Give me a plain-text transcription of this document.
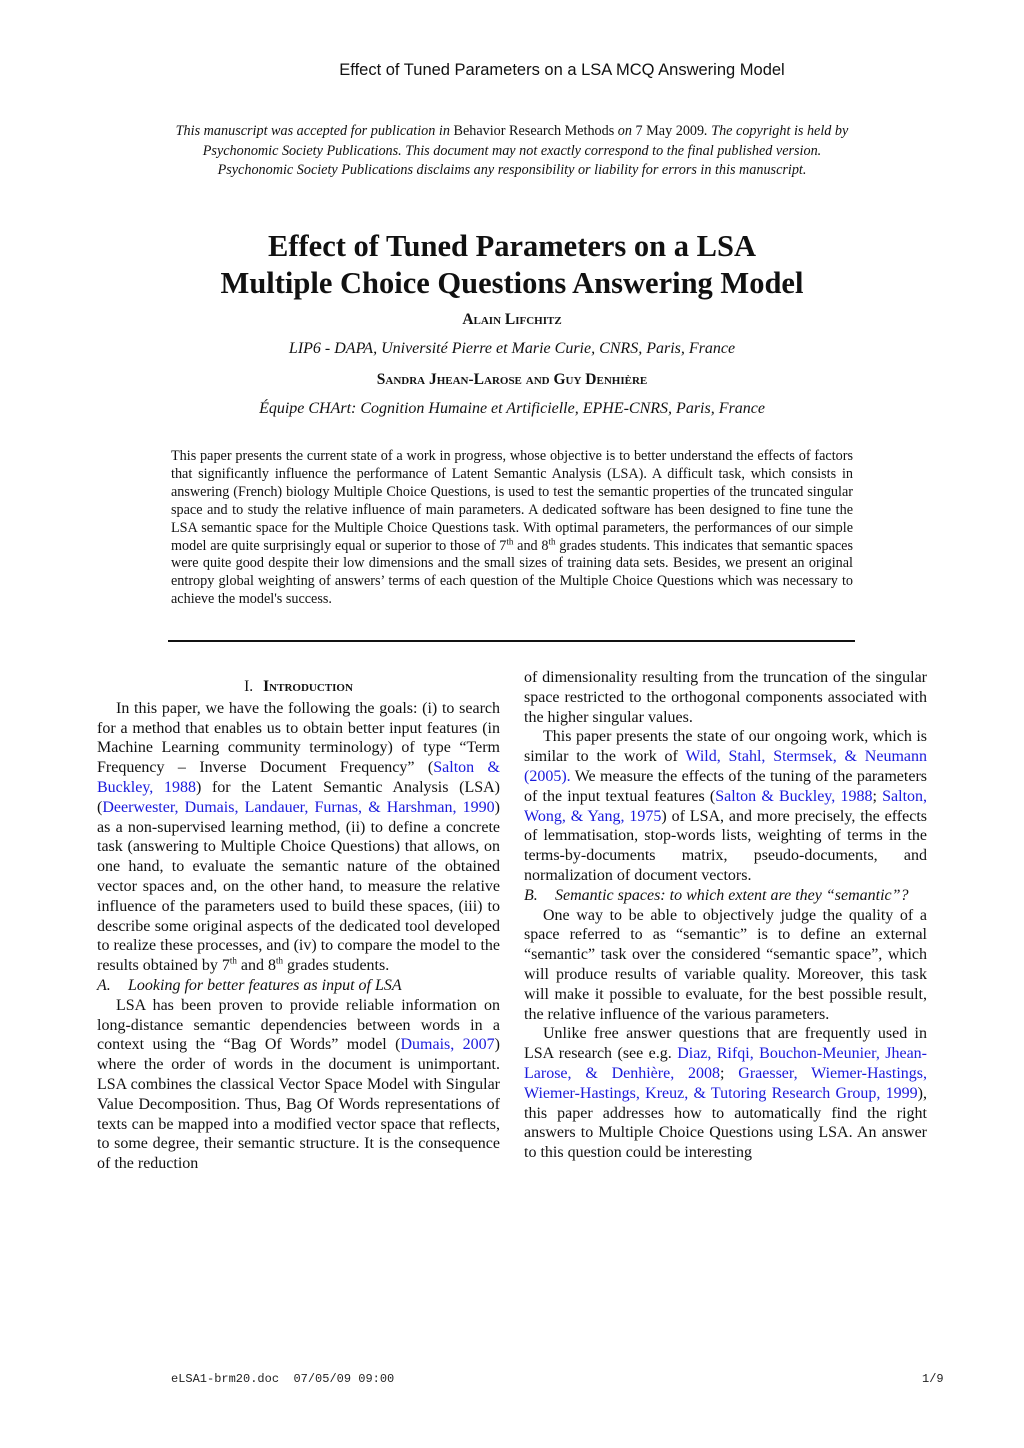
Effect of Tuned Parameters on a LSA MCQ Answering Model
This manuscript was accepted for publication in Behavior Research Methods on 7 May 2009. The copyright is held by Psychonomic Society Publications. This document may not exactly correspond to the final published version. Psychonomic Society Publications disclaims any responsibility or liability for errors in this manuscript.
Effect of Tuned Parameters on a LSA
Multiple Choice Questions Answering Model
Alain Lifchitz
LIP6 - DAPA, Université Pierre et Marie Curie, CNRS, Paris, France
Sandra Jhean-Larose and Guy Denhière
Équipe CHArt: Cognition Humaine et Artificielle, EPHE-CNRS, Paris, France
This paper presents the current state of a work in progress, whose objective is to better understand the effects of factors that significantly influence the performance of Latent Semantic Analysis (LSA). A difficult task, which consists in answering (French) biology Multiple Choice Questions, is used to test the semantic properties of the truncated singular space and to study the relative influence of main parameters. A dedicated software has been designed to fine tune the LSA semantic space for the Multiple Choice Questions task. With optimal parameters, the performances of our simple model are quite surprisingly equal or superior to those of 7th and 8th grades students. This indicates that semantic spaces were quite good despite their low dimensions and the small sizes of training data sets. Besides, we present an original entropy global weighting of answers’ terms of each question of the Multiple Choice Questions which was necessary to achieve the model's success.
I. Introduction

In this paper, we have the following the goals: (i) to search for a method that enables us to obtain better input features (in Machine Learning community terminology) of type “Term Frequency – Inverse Document Frequency” (Salton & Buckley, 1988) for the Latent Semantic Analysis (LSA) (Deerwester, Dumais, Landauer, Furnas, & Harshman, 1990) as a non-supervised learning method, (ii) to define a concrete task (answering to Multiple Choice Questions) that allows, on one hand, to evaluate the semantic nature of the obtained vector spaces and, on the other hand, to measure the relative influence of the parameters used to build these spaces, (iii) to describe some original aspects of the dedicated tool developed to realize these processes, and (iv) to compare the model to the results obtained by 7th and 8th grades students.

A. Looking for better features as input of LSA

LSA has been proven to provide reliable information on long-distance semantic dependencies between words in a context using the “Bag Of Words” model (Dumais, 2007) where the order of words in the document is unimportant. LSA combines the classical Vector Space Model with Singular Value Decomposition. Thus, Bag Of Words representations of texts can be mapped into a modified vector space that reflects, to some degree, their semantic structure. It is the consequence of the reduction

of dimensionality resulting from the truncation of the singular space restricted to the orthogonal components associated with the higher singular values.

This paper presents the state of our ongoing work, which is similar to the work of Wild, Stahl, Stermsek, & Neumann (2005). We measure the effects of the tuning of the parameters of the input textual features (Salton & Buckley, 1988; Salton, Wong, & Yang, 1975) of LSA, and more precisely, the effects of lemmatisation, stop-words lists, weighting of terms in the terms-by-documents matrix, pseudo-documents, and normalization of document vectors.

B. Semantic spaces: to which extent are they “semantic”?

One way to be able to objectively judge the quality of a space referred to as “semantic” is to define an external “semantic” task over the considered “semantic space”, which will produce results of variable quality. Moreover, this task will make it possible to evaluate, for the best possible result, the relative influence of the various parameters.

Unlike free answer questions that are frequently used in LSA research (see e.g. Diaz, Rifqi, Bouchon-Meunier, Jhean-Larose, & Denhière, 2008; Graesser, Wiemer-Hastings, Wiemer-Hastings, Kreuz, & Tutoring Research Group, 1999), this paper addresses how to automatically find the right answers to Multiple Choice Questions using LSA. An answer to this question could be interesting

eLSA1-brm20.doc 07/05/09 09:00	1/9
